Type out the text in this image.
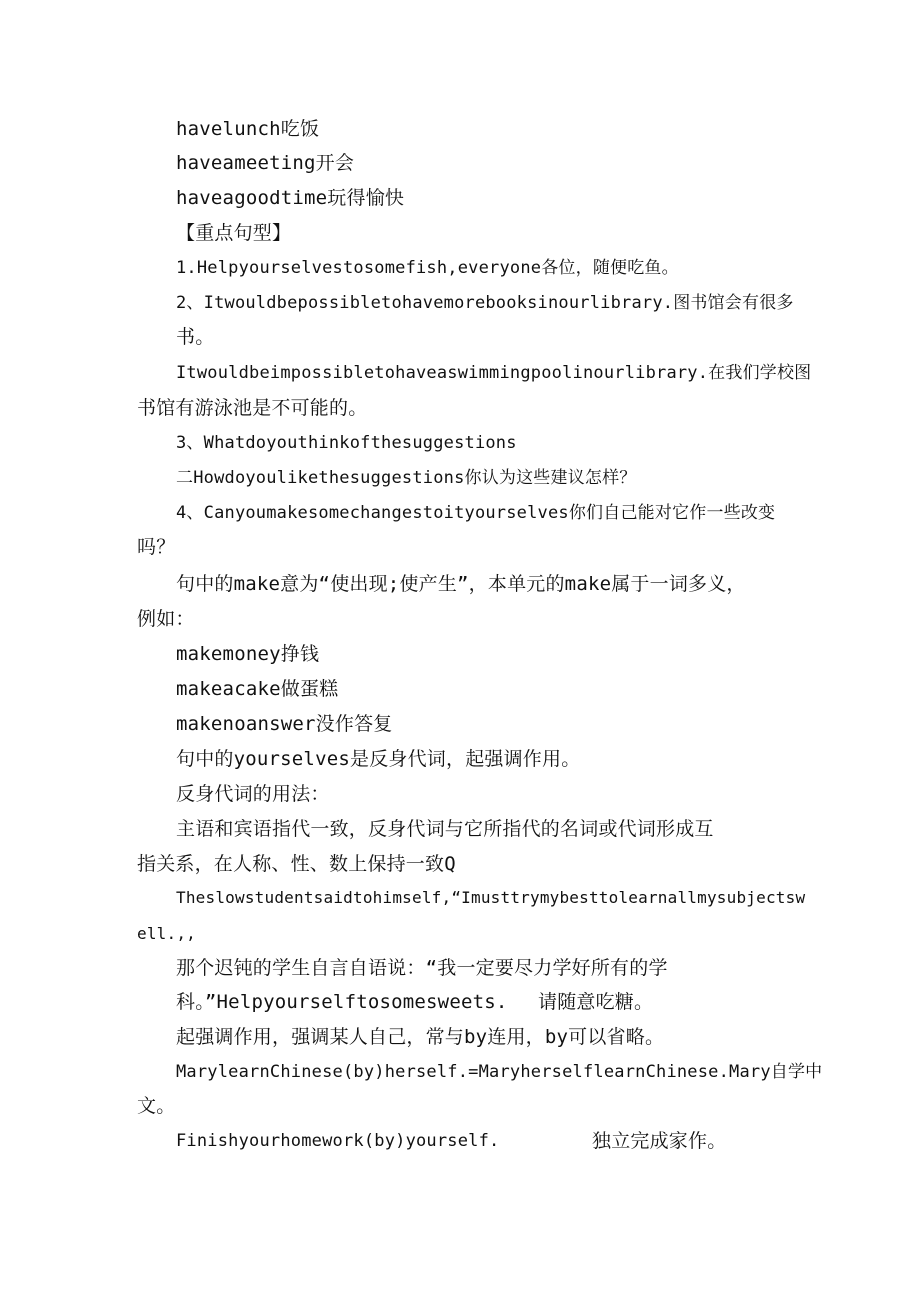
havelunch吃饭
haveameeting开会
haveagoodtime玩得愉快
【重点句型】
1.Helpyourselvestosomefish,everyone各位，随便吃鱼。
2、Itwouldbepossibletohavemorebooksinourlibrary.图书馆会有很多
书。
Itwouldbeimpossibletohaveaswimmingpoolinourlibrary.在我们学校图
书馆有游泳池是不可能的。
3、Whatdoyouthinkofthesuggestions
二Howdoyoulikethesuggestions你认为这些建议怎样？
4、Canyoumakesomechangestoityourselves你们自己能对它作一些改变
吗？
句中的make意为“使出现;使产生”，本单元的make属于一词多义，
例如：
makemoney挣钱
makeacake做蛋糕
makenoanswer没作答复
句中的yourselves是反身代词，起强调作用。
反身代词的用法：
主语和宾语指代一致，反身代词与它所指代的名词或代词形成互
指关系，在人称、性、数上保持一致Q
Theslowstudentsaidtohimself,“Imusttrymybesttolearnallmysubjectsw
ell.,,
那个迟钝的学生自言自语说：“我一定要尽力学好所有的学
科。”Helpyourselftosomesweets. 请随意吃糖。
起强调作用，强调某人自己，常与by连用，by可以省略。
MarylearnChinese(by)herself.=MaryherselflearnChinese.Mary自学中
文。
Finishyourhomework(by)yourself.	独立完成家作。
